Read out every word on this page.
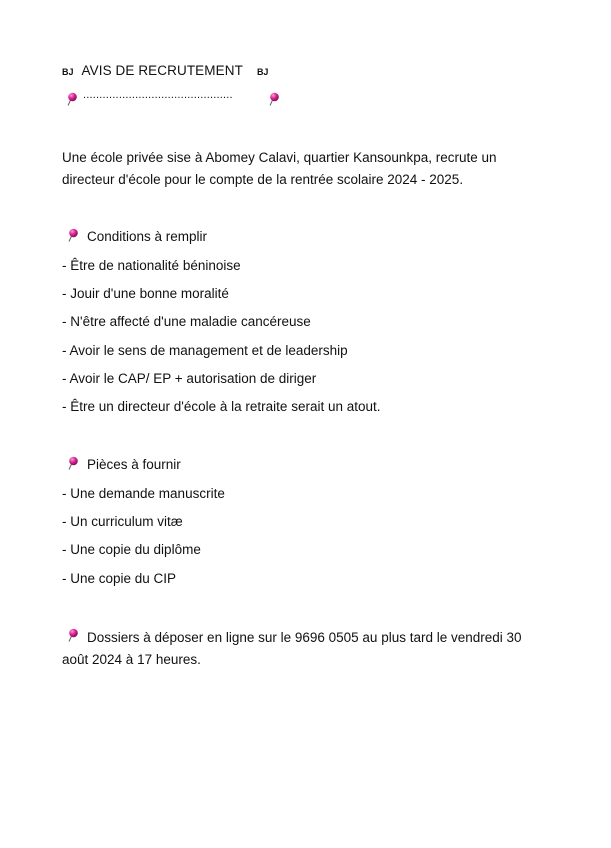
BJ AVIS DE RECRUTEMENT BJ
..............................................
Une école privée sise à Abomey Calavi, quartier Kansounkpa, recrute un directeur d'école pour le compte de la rentrée scolaire 2024 - 2025.
Conditions à remplir
- Être de nationalité béninoise
- Jouir d'une bonne moralité
- N'être affecté d'une maladie cancéreuse
- Avoir le sens de management et de leadership
- Avoir le CAP/ EP + autorisation de diriger
- Être un directeur d'école à la retraite serait un atout.
Pièces à fournir
- Une demande manuscrite
- Un curriculum vitæ
- Une copie du diplôme
- Une copie du CIP
Dossiers à déposer en ligne sur le 9696 0505 au plus tard le vendredi 30 août 2024 à 17 heures.
